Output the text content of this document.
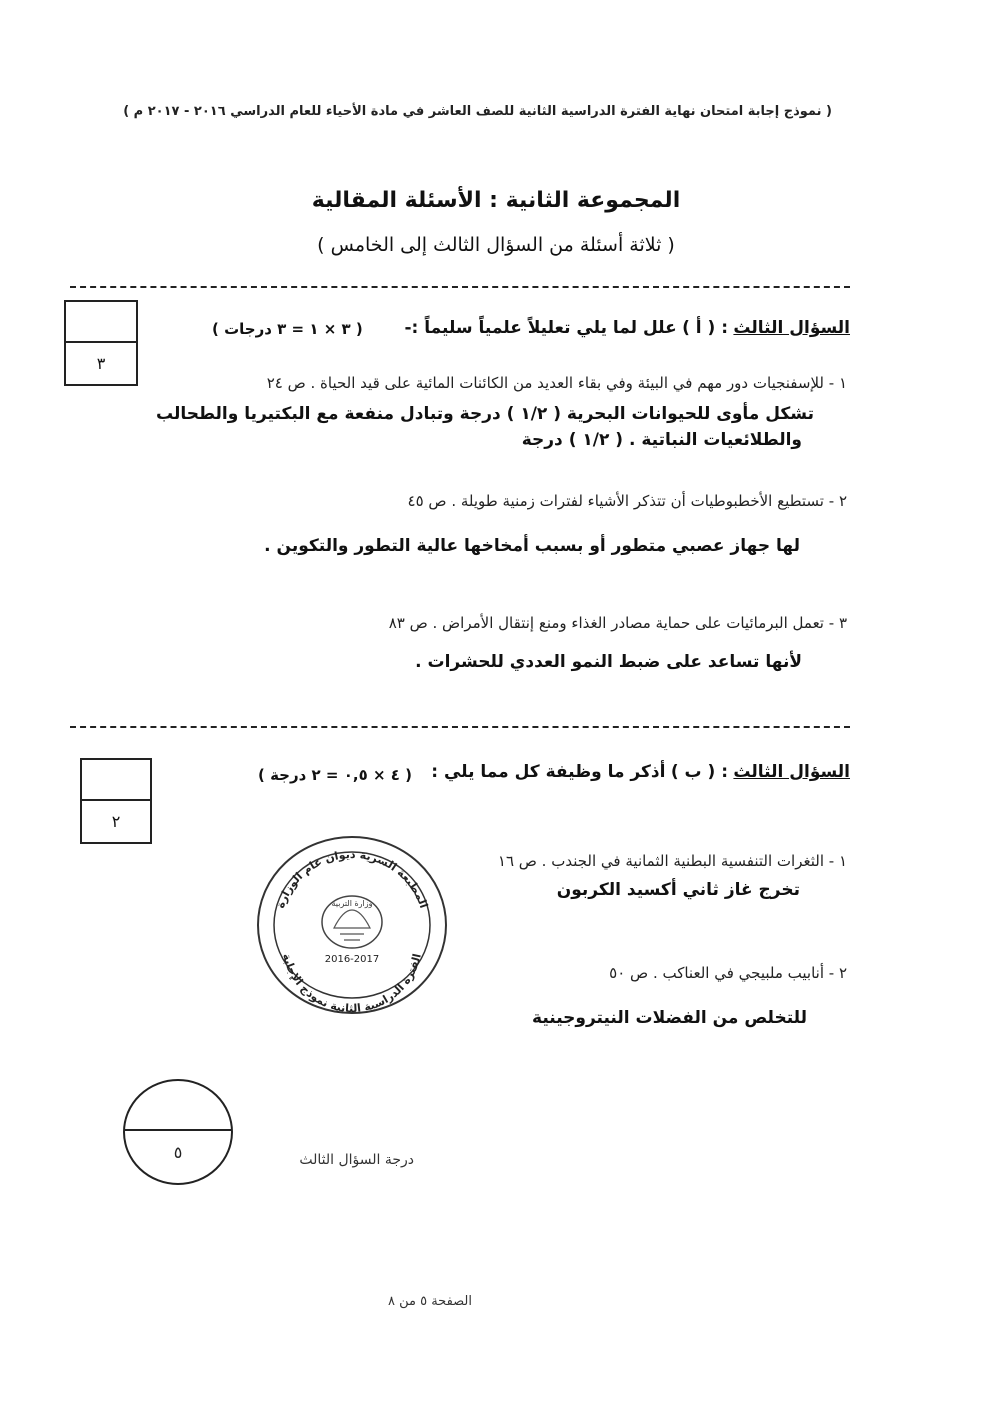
( نموذج إجابة امتحان نهاية الفترة الدراسية الثانية للصف العاشر في مادة الأحياء للعام الدراسي ٢٠١٦ - ٢٠١٧ م )
المجموعة الثانية : الأسئلة المقالية
( ثلاثة أسئلة من السؤال الثالث إلى الخامس )
٣
السؤال الثالث : ( أ ) علل لما يلي تعليلاً علمياً سليماً :-
( ٣ × ١ = ٣ درجات )
١ - للإسفنجيات دور مهم في البيئة وفي بقاء العديد من الكائنات المائية على قيد الحياة . ص ٢٤
تشكل مأوى للحيوانات البحرية ( ١/٢ ) درجة وتبادل منفعة مع البكتيريا والطحالب
والطلائعيات النباتية . ( ١/٢ ) درجة
٢ - تستطيع الأخطبوطيات أن تتذكر الأشياء لفترات زمنية طويلة . ص ٤٥
لها جهاز عصبي متطور أو بسبب أمخاخها عالية التطور والتكوين .
٣ - تعمل البرمائيات على حماية مصادر الغذاء ومنع إنتقال الأمراض . ص ٨٣
لأنها تساعد على ضبط النمو العددي للحشرات .
٢
السؤال الثالث : ( ب ) أذكر ما وظيفة كل مما يلي :
( ٤ × ٠,٥ = ٢ درجة )
١ - الثغرات التنفسية البطنية الثمانية في الجندب . ص ١٦
تخرج غاز ثاني أكسيد الكربون
٢ - أنابيب ملبيجي في العناكب . ص ٥٠
للتخلص من الفضلات النيتروجينية
المطبعة السرية ديوان عام الوزارة
الفترة الدراسية الثانية نموذج الإجابة
2016-2017
وزارة التربية
٥	درجة السؤال الثالث
الصفحة ٥ من ٨
